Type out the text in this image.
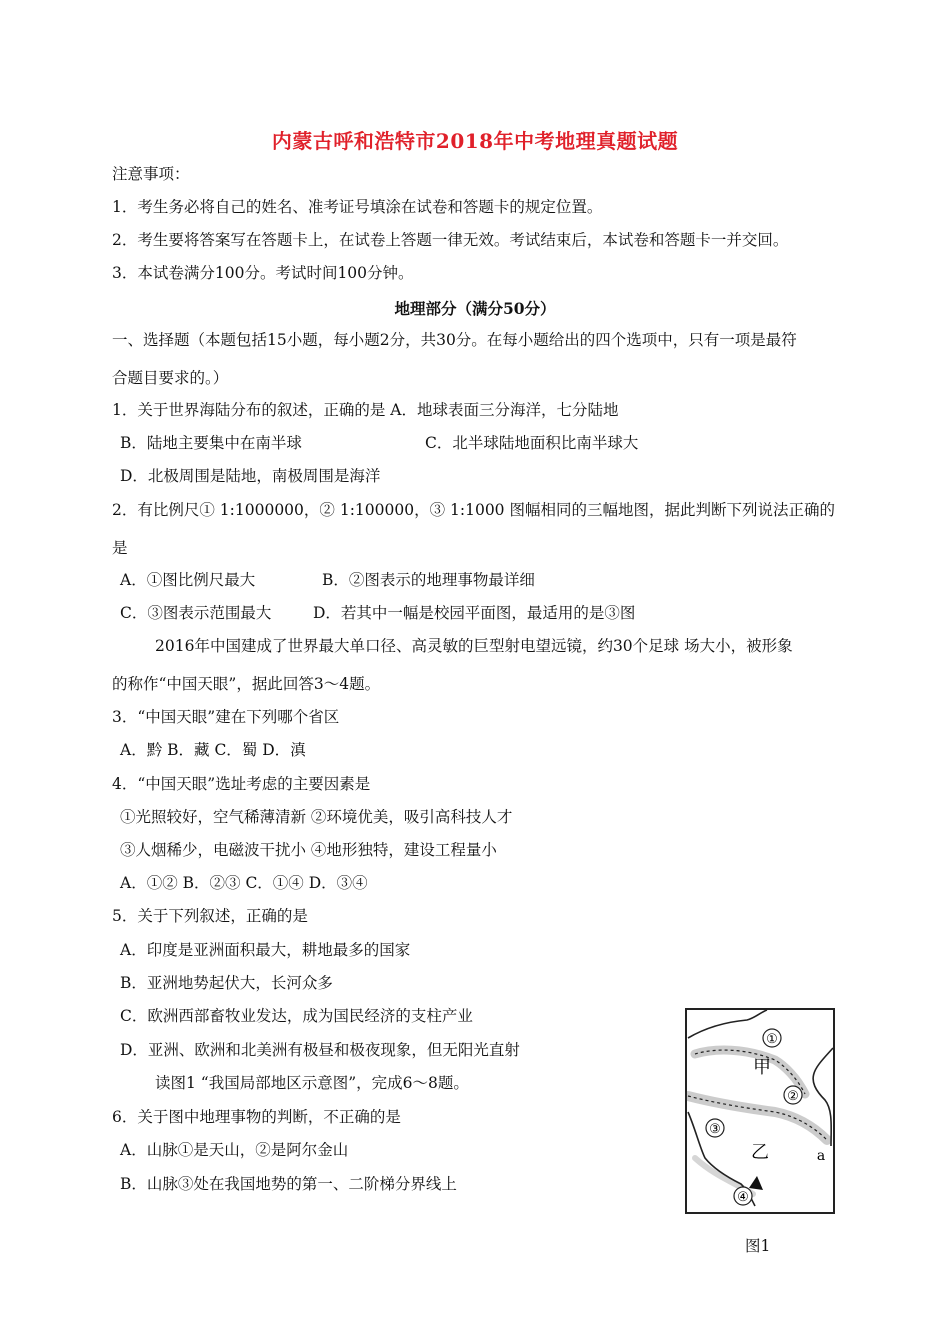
内蒙古呼和浩特市2018年中考地理真题试题
注意事项：
1．考生务必将自己的姓名、准考证号填涂在试卷和答题卡的规定位置。
2．考生要将答案写在答题卡上，在试卷上答题一律无效。考试结束后，本试卷和答题卡一并交回。
3．本试卷满分100分。考试时间100分钟。
地理部分（满分50分）
一、选择题（本题包括15小题，每小题2分，共30分。在每小题给出的四个选项中，只有一项是最符
合题目要求的。）
1．关于世界海陆分布的叙述，正确的是 A．地球表面三分海洋，七分陆地
B．陆地主要集中在南半球	C．北半球陆地面积比南半球大
D．北极周围是陆地，南极周围是海洋
2．有比例尺① 1:1000000，② 1:100000，③ 1:1000 图幅相同的三幅地图，据此判断下列说法正确的
是
A．①图比例尺最大	B．②图表示的地理事物最详细
C．③图表示范围最大	D．若其中一幅是校园平面图，最适用的是③图
2016年中国建成了世界最大单口径、高灵敏的巨型射电望远镜，约30个足球 场大小，被形象
的称作“中国天眼”，据此回答3～4题。
3．“中国天眼”建在下列哪个省区
A．黔 B．藏 C．蜀 D．滇
4．“中国天眼”选址考虑的主要因素是
①光照较好，空气稀薄清新 ②环境优美，吸引高科技人才
③人烟稀少，电磁波干扰小 ④地形独特，建设工程量小
A．①② B．②③ C．①④ D．③④
5．关于下列叙述，正确的是
A．印度是亚洲面积最大，耕地最多的国家
B．亚洲地势起伏大，长河众多
C．欧洲西部畜牧业发达，成为国民经济的支柱产业
D．亚洲、欧洲和北美洲有极昼和极夜现象，但无阳光直射
读图1 “我国局部地区示意图”，完成6～8题。
6．关于图中地理事物的判断，不正确的是
A．山脉①是天山，②是阿尔金山
B．山脉③处在我国地势的第一、二阶梯分界线上
①
甲
②
③
乙	a
④
图1
